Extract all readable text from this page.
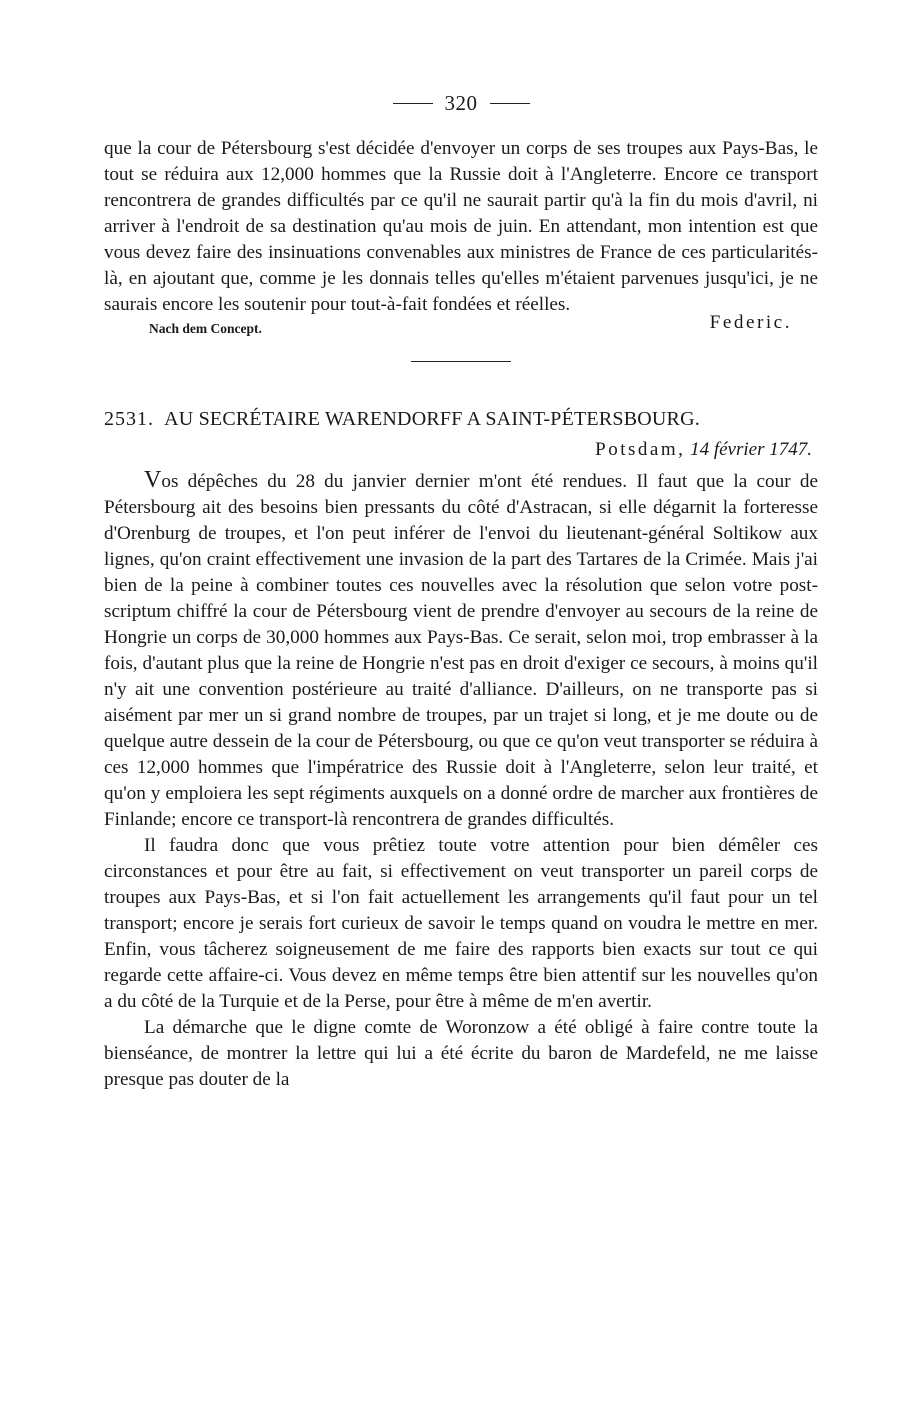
320

que la cour de Pétersbourg s'est décidée d'envoyer un corps de ses troupes aux Pays-Bas, le tout se réduira aux 12,000 hommes que la Russie doit à l'Angleterre. Encore ce transport rencontrera de grandes difficultés par ce qu'il ne saurait partir qu'à la fin du mois d'avril, ni arriver à l'endroit de sa destination qu'au mois de juin. En attendant, mon intention est que vous devez faire des insinuations convenables aux ministres de France de ces particularités-là, en ajoutant que, comme je les donnais telles qu'elles m'étaient parvenues jusqu'ici, je ne saurais encore les soutenir pour tout-à-fait fondées et réelles.

Federic.
Nach dem Concept.
2531. AU SECRÉTAIRE WARENDORFF A SAINT-PÉTERSBOURG.
Potsdam, 14 février 1747.

Vos dépêches du 28 du janvier dernier m'ont été rendues. Il faut que la cour de Pétersbourg ait des besoins bien pressants du côté d'Astracan, si elle dégarnit la forteresse d'Orenburg de troupes, et l'on peut inférer de l'envoi du lieutenant-général Soltikow aux lignes, qu'on craint effectivement une invasion de la part des Tartares de la Crimée. Mais j'ai bien de la peine à combiner toutes ces nouvelles avec la résolution que selon votre post-scriptum chiffré la cour de Pétersbourg vient de prendre d'envoyer au secours de la reine de Hongrie un corps de 30,000 hommes aux Pays-Bas. Ce serait, selon moi, trop embrasser à la fois, d'autant plus que la reine de Hongrie n'est pas en droit d'exiger ce secours, à moins qu'il n'y ait une convention postérieure au traité d'alliance. D'ailleurs, on ne transporte pas si aisément par mer un si grand nombre de troupes, par un trajet si long, et je me doute ou de quelque autre dessein de la cour de Pétersbourg, ou que ce qu'on veut transporter se réduira à ces 12,000 hommes que l'impératrice des Russie doit à l'Angleterre, selon leur traité, et qu'on y emploiera les sept régiments auxquels on a donné ordre de marcher aux frontières de Finlande; encore ce transport-là rencontrera de grandes difficultés.

Il faudra donc que vous prêtiez toute votre attention pour bien démêler ces circonstances et pour être au fait, si effectivement on veut transporter un pareil corps de troupes aux Pays-Bas, et si l'on fait actuellement les arrangements qu'il faut pour un tel transport; encore je serais fort curieux de savoir le temps quand on voudra le mettre en mer. Enfin, vous tâcherez soigneusement de me faire des rapports bien exacts sur tout ce qui regarde cette affaire-ci. Vous devez en même temps être bien attentif sur les nouvelles qu'on a du côté de la Turquie et de la Perse, pour être à même de m'en avertir.

La démarche que le digne comte de Woronzow a été obligé à faire contre toute la bienséance, de montrer la lettre qui lui a été écrite du baron de Mardefeld, ne me laisse presque pas douter de la
